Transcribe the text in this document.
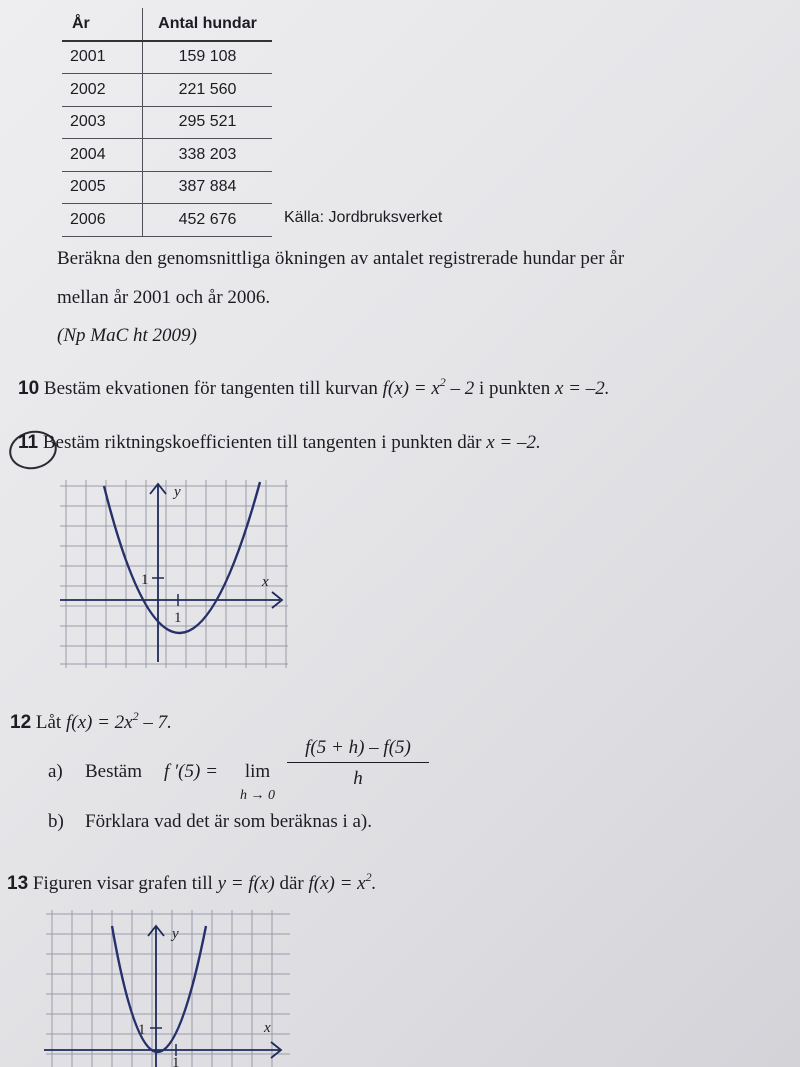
År	Antal hundar
2001	159 108
2002	221 560
2003	295 521
2004	338 203
2005	387 884
2006	452 676	Källa: Jordbruksverket
Beräkna den genomsnittliga ökningen av antalet registrerade hundar per år
mellan år 2001 och år 2006.
(Np MaC ht 2009)
10 Bestäm ekvationen för tangenten till kurvan $f(x) = x^2 - 2$ i punkten x = –2.
11 Bestäm riktningskoefficienten till tangenten i punkten där x = –2.
y
x
1
1
12 Låt $f(x) = 2x^2 - 7$.
a) Bestäm f ′(5) = lim
h → 0
$\frac{f(5 + h) - f(5)}{h}$
b) Förklara vad det är som beräknas i a).
13 Figuren visar grafen till y = f(x) där $f(x) = x^2$.
y
x
1
1
